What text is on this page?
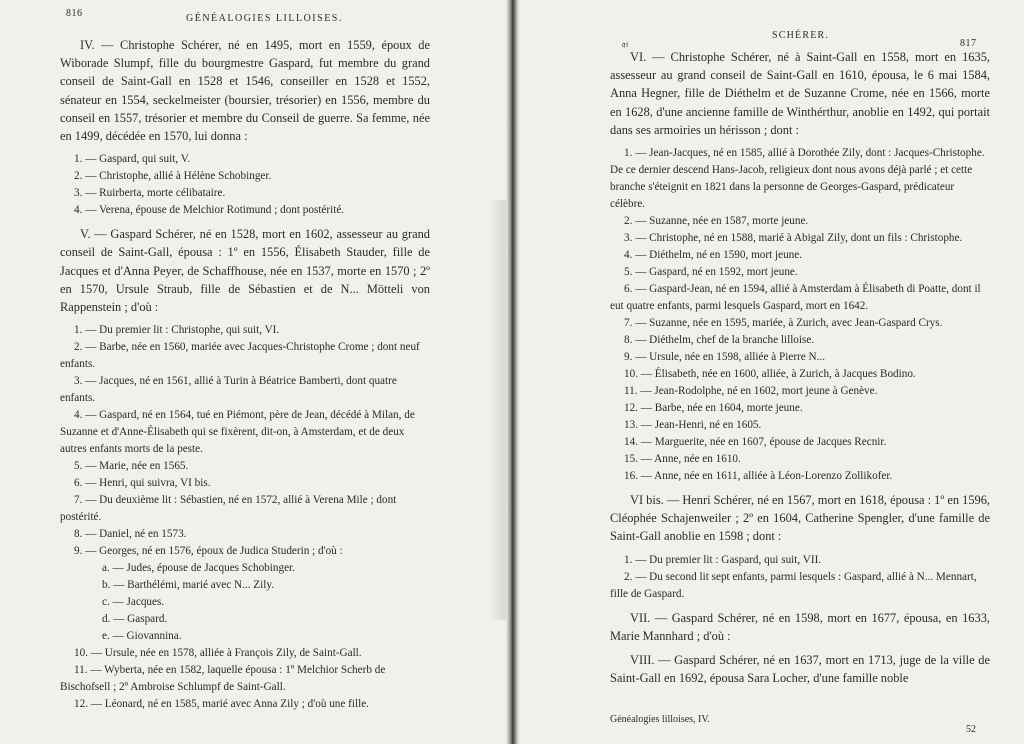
816	GÉNÉALOGIES LILLOISES.

IV. — Christophe Schérer, né en 1495, mort en 1559, époux de Wiborade Slumpf, fille du bourgmestre Gaspard, fut membre du grand conseil de Saint-Gall en 1528 et 1546, conseiller en 1528 et 1552, sénateur en 1554, seckelmeister (boursier, trésorier) en 1556, membre du conseil en 1557, trésorier et membre du Conseil de guerre. Sa femme, née en 1499, décédée en 1570, lui donna :

1. — Gaspard, qui suit, V.

2. — Christophe, allié à Hélène Schobinger.

3. — Ruirberta, morte célibataire.

4. — Verena, épouse de Melchior Rotimund ; dont postérité.

V. — Gaspard Schérer, né en 1528, mort en 1602, assesseur au grand conseil de Saint-Gall, épousa : 1º en 1556, Élisabeth Stauder, fille de Jacques et d'Anna Peyer, de Schaffhouse, née en 1537, morte en 1570 ; 2º en 1570, Ursule Straub, fille de Sébastien et de N... Mötteli von Rappenstein ; d'où :

1. — Du premier lit : Christophe, qui suit, VI.

2. — Barbe, née en 1560, mariée avec Jacques-Christophe Crome ; dont neuf enfants.

3. — Jacques, né en 1561, allié à Turin à Béatrice Bamberti, dont quatre enfants.

4. — Gaspard, né en 1564, tué en Piémont, père de Jean, décédé à Milan, de Suzanne et d'Anne-Élisabeth qui se fixèrent, dit-on, à Amsterdam, et de deux autres enfants morts de la peste.

5. — Marie, née en 1565.

6. — Henri, qui suivra, VI bis.

7. — Du deuxième lit : Sébastien, né en 1572, allié à Verena Mile ; dont postérité.

8. — Daniel, né en 1573.

9. — Georges, né en 1576, époux de Judica Studerin ; d'où :

a. — Judes, épouse de Jacques Schobinger.

b. — Barthélémi, marié avec N... Zily.

c. — Jacques.

d. — Gaspard.

e. — Giovannina.

10. — Ursule, née en 1578, alliée à François Zily, de Saint-Gall.

11. — Wyberta, née en 1582, laquelle épousa : 1º Melchior Scherb de Bischofsell ; 2º Ambroise Schlumpf de Saint-Gall.

12. — Léonard, né en 1585, marié avec Anna Zily ; d'où une fille.

𝔮𝔦
SCHÉRER.
817

VI. — Christophe Schérer, né à Saint-Gall en 1558, mort en 1635, assesseur au grand conseil de Saint-Gall en 1610, épousa, le 6 mai 1584, Anna Hegner, fille de Diéthelm et de Suzanne Crome, née en 1566, morte en 1628, d'une ancienne famille de Winthérthur, anoblie en 1492, qui portait dans ses armoiries un hérisson ; dont :

1. — Jean-Jacques, né en 1585, allié à Dorothée Zily, dont : Jacques-Christophe. De ce dernier descend Hans-Jacob, religieux dont nous avons déjà parlé ; et cette branche s'éteignit en 1821 dans la personne de Georges-Gaspard, prédicateur célèbre.

2. — Suzanne, née en 1587, morte jeune.

3. — Christophe, né en 1588, marié à Abigal Zily, dont un fils : Christophe.

4. — Diéthelm, né en 1590, mort jeune.

5. — Gaspard, né en 1592, mort jeune.

6. — Gaspard-Jean, né en 1594, allié à Amsterdam à Élisabeth di Poatte, dont il eut quatre enfants, parmi lesquels Gaspard, mort en 1642.

7. — Suzanne, née en 1595, mariée, à Zurich, avec Jean-Gaspard Crys.

8. — Diéthelm, chef de la branche lilloise.

9. — Ursule, née en 1598, alliée à Pierre N...

10. — Élisabeth, née en 1600, alliée, à Zurich, à Jacques Bodino.

11. — Jean-Rodolphe, né en 1602, mort jeune à Genève.

12. — Barbe, née en 1604, morte jeune.

13. — Jean-Henri, né en 1605.

14. — Marguerite, née en 1607, épouse de Jacques Recnir.

15. — Anne, née en 1610.

16. — Anne, née en 1611, alliée à Léon-Lorenzo Zollikofer.

VI bis. — Henri Schérer, né en 1567, mort en 1618, épousa : 1º en 1596, Cléophée Schajenweiler ; 2º en 1604, Catherine Spengler, d'une famille de Saint-Gall anoblie en 1598 ; dont :

1. — Du premier lit : Gaspard, qui suit, VII.

2. — Du second lit sept enfants, parmi lesquels : Gaspard, allié à N... Mennart, fille de Gaspard.

VII. — Gaspard Schérer, né en 1598, mort en 1677, épousa, en 1633, Marie Mannhard ; d'où :

VIII. — Gaspard Schérer, né en 1637, mort en 1713, juge de la ville de Saint-Gall en 1692, épousa Sara Locher, d'une famille noble

Généalogies lilloises, IV.
52
